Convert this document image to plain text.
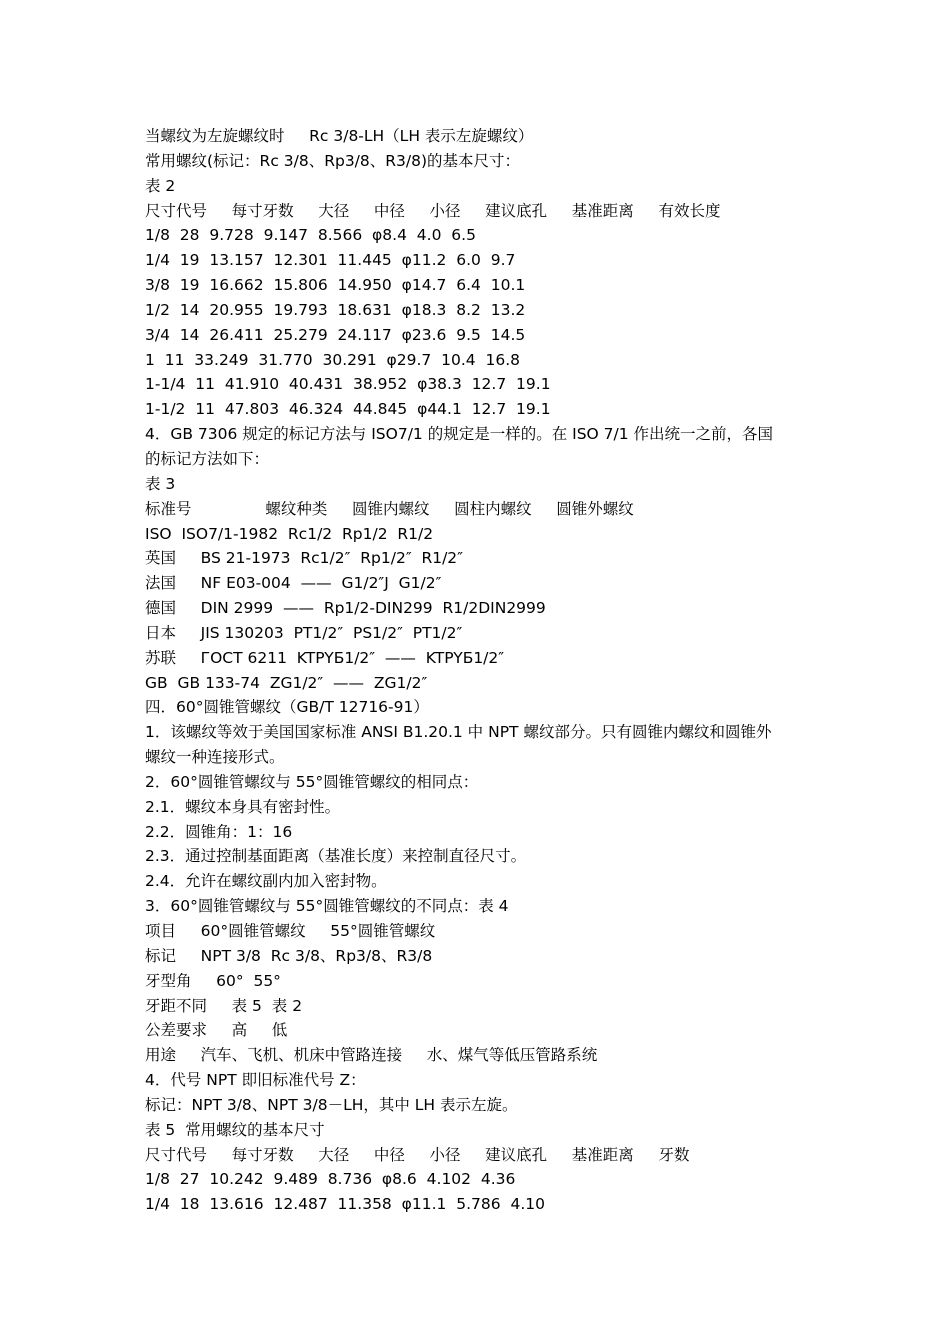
当螺纹为左旋螺纹时     Rc 3/8-LH（LH 表示左旋螺纹）
常用螺纹(标记：Rc 3/8、Rp3/8、R3/8)的基本尺寸：
表 2
尺寸代号     每寸牙数     大径     中径     小径     建议底孔     基准距离     有效长度
1/8  28  9.728  9.147  8.566  φ8.4  4.0  6.5
1/4  19  13.157  12.301  11.445  φ11.2  6.0  9.7
3/8  19  16.662  15.806  14.950  φ14.7  6.4  10.1
1/2  14  20.955  19.793  18.631  φ18.3  8.2  13.2
3/4  14  26.411  25.279  24.117  φ23.6  9.5  14.5
1  11  33.249  31.770  30.291  φ29.7  10.4  16.8
1-1/4  11  41.910  40.431  38.952  φ38.3  12.7  19.1
1-1/2  11  47.803  46.324  44.845  φ44.1  12.7  19.1
4．GB 7306 规定的标记方法与 ISO7/1 的规定是一样的。在 ISO 7/1 作出统一之前，各国
的标记方法如下：
表 3
标准号               螺纹种类     圆锥内螺纹     圆柱内螺纹     圆锥外螺纹
ISO  ISO7/1-1982  Rc1/2  Rp1/2  R1/2
英国     BS 21-1973  Rc1/2″  Rp1/2″  R1/2″
法国     NF E03-004  ——  G1/2″J  G1/2″
德国     DIN 2999  ——  Rp1/2-DIN299  R1/2DIN2999
日本     JIS 130203  PT1/2″  PS1/2″  PT1/2″
苏联     ГОСТ 6211  KTPYБ1/2″  ——  KTPYБ1/2″
GB  GB 133-74  ZG1/2″  ——  ZG1/2″
四．60°圆锥管螺纹（GB/T 12716-91）
1．该螺纹等效于美国国家标准 ANSI B1.20.1 中 NPT 螺纹部分。只有圆锥内螺纹和圆锥外
螺纹一种连接形式。
2．60°圆锥管螺纹与 55°圆锥管螺纹的相同点：
2.1．螺纹本身具有密封性。
2.2．圆锥角：1：16
2.3．通过控制基面距离（基准长度）来控制直径尺寸。
2.4．允许在螺纹副内加入密封物。
3．60°圆锥管螺纹与 55°圆锥管螺纹的不同点：表 4
项目     60°圆锥管螺纹     55°圆锥管螺纹
标记     NPT 3/8  Rc 3/8、Rp3/8、R3/8
牙型角     60°  55°
牙距不同     表 5  表 2
公差要求     高     低
用途     汽车、飞机、机床中管路连接     水、煤气等低压管路系统
4．代号 NPT 即旧标准代号 Z：
标记：NPT 3/8、NPT 3/8－LH，其中 LH 表示左旋。
表 5  常用螺纹的基本尺寸
尺寸代号     每寸牙数     大径     中径     小径     建议底孔     基准距离     牙数
1/8  27  10.242  9.489  8.736  φ8.6  4.102  4.36
1/4  18  13.616  12.487  11.358  φ11.1  5.786  4.10
